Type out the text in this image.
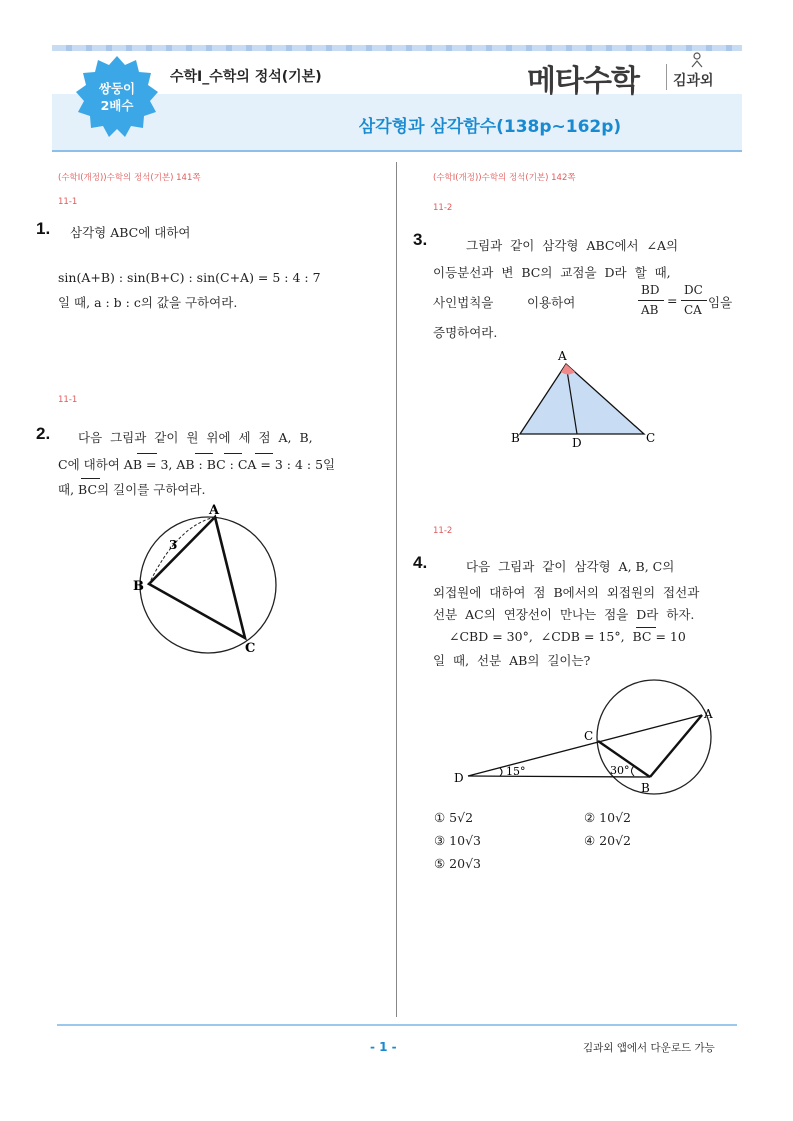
쌍둥이
2배수
수학Ⅰ_수학의 정석(기본)	메타수학 김과외
삼각형과 삼각함수(138p~162p)
(수학Ⅰ(개정))수학의 정석(기본) 141쪽
11-1
1. 삼각형 ABC에 대하여
sin(A+B) : sin(B+C) : sin(C+A) = 5 : 4 : 7
일 때, a : b : c의 값을 구하여라.
11-1
2. 다음  그림과  같이  원  위에  세  점  A,  B,
C에 대하여 AB = 3, AB : BC : CA = 3 : 4 : 5일
때, BC의 길이를 구하여라.
A
B
C
3
(수학Ⅰ(개정))수학의 정석(기본) 142쪽
11-2
3.	그림과  같이  삼각형  ABC에서  ∠A의
이등분선과  변  BC의  교점을  D라  할  때,
사인법칙을	이용하여
BD
AB
=
DC
CA 임을
증명하여라.
A
B	C
D
11-2
4.	다음  그림과  같이  삼각형  A, B, C의
외접원에  대하여  점  B에서의  외접원의  접선과
선분  AC의  연장선이  만나는  점을  D라  하자.
∠CBD = 30°,  ∠CDB = 15°,  BC = 10
일  때,  선분  AB의  길이는?
A
C
D
B
15°	30°
① 5√2	② 10√2
③ 10√3	④ 20√2
⑤ 20√3
- 1 -	김과외 앱에서 다운로드 가능
